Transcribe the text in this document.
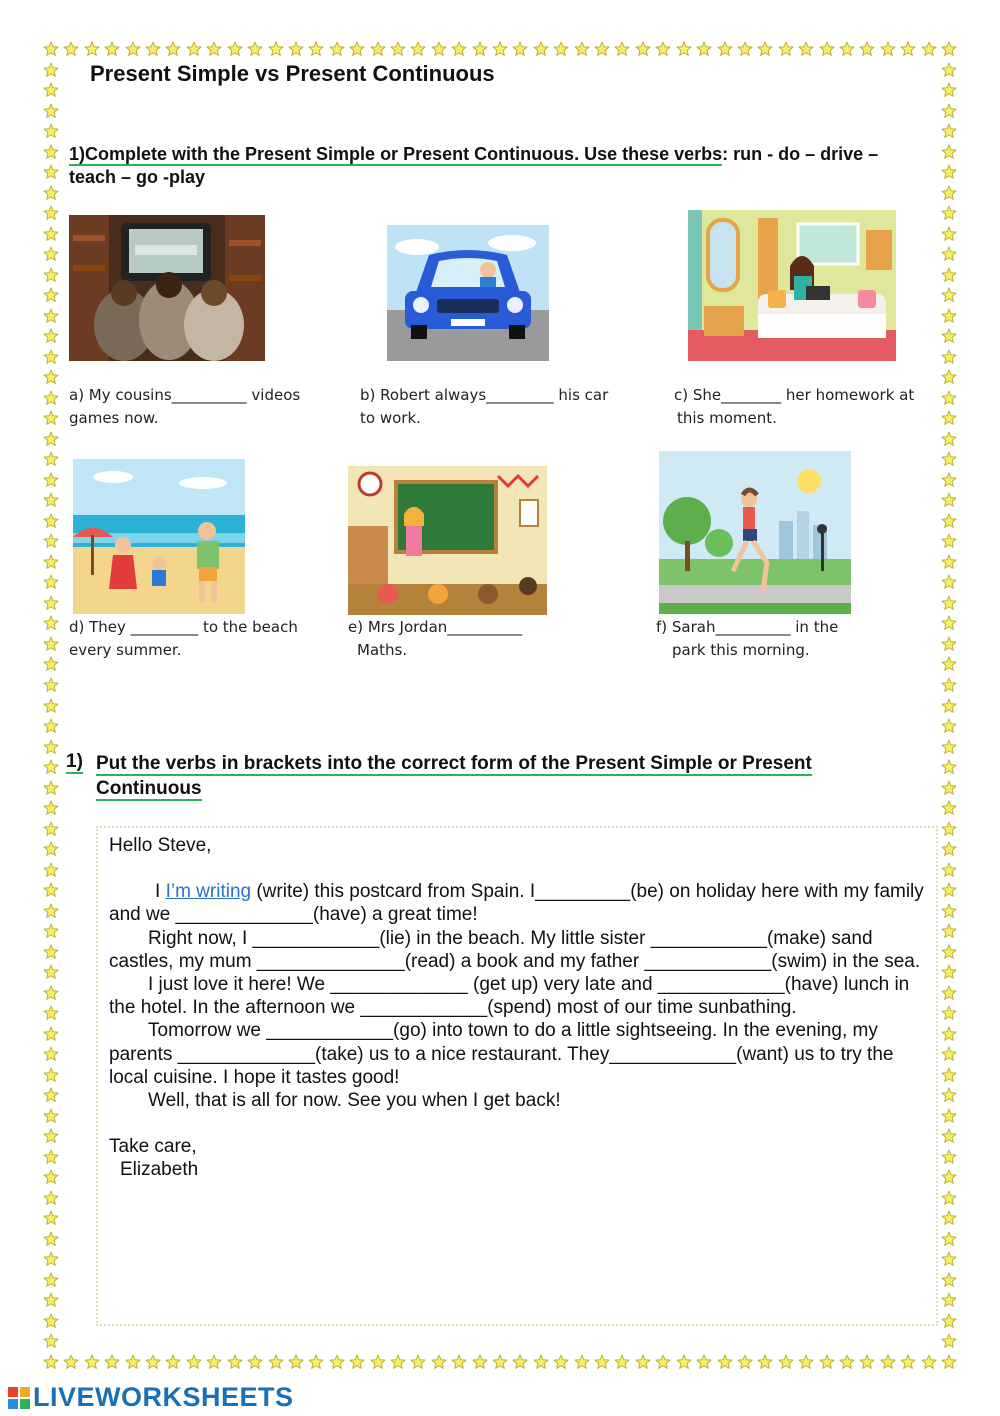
Present Simple vs Present Continuous
1)Complete with the Present Simple or Present Continuous. Use these verbs: run - do – drive – teach – go -play
a) My cousins__________ videos
games now.
b) Robert always_________ his car
to work.
c) She________ her homework at
this moment.
d) They _________ to the beach
every summer.
e) Mrs Jordan__________
Maths.
f) Sarah__________ in the
park this morning.
1) Put the verbs in brackets into the correct form of the Present Simple or Present Continuous

Hello Steve,

I I’m writing (write) this postcard from Spain. I_________(be) on holiday here with my family and we _____________(have) a great time!

Right now, I ____________(lie) in the beach. My little sister ___________(make) sand castles, my mum ______________(read) a book and my father ____________(swim) in the sea.

I just love it here! We _____________ (get up) very late and ____________(have) lunch in the hotel. In the afternoon we ____________(spend) most of our time sunbathing.

Tomorrow we ____________(go) into town to do a little sightseeing. In the evening, my parents _____________(take) us to a nice restaurant. They____________(want) us to try the local cuisine. I hope it tastes good!

Well, that is all for now. See you when I get back!

Take care,

Elizabeth

LIVEWORKSHEETS
